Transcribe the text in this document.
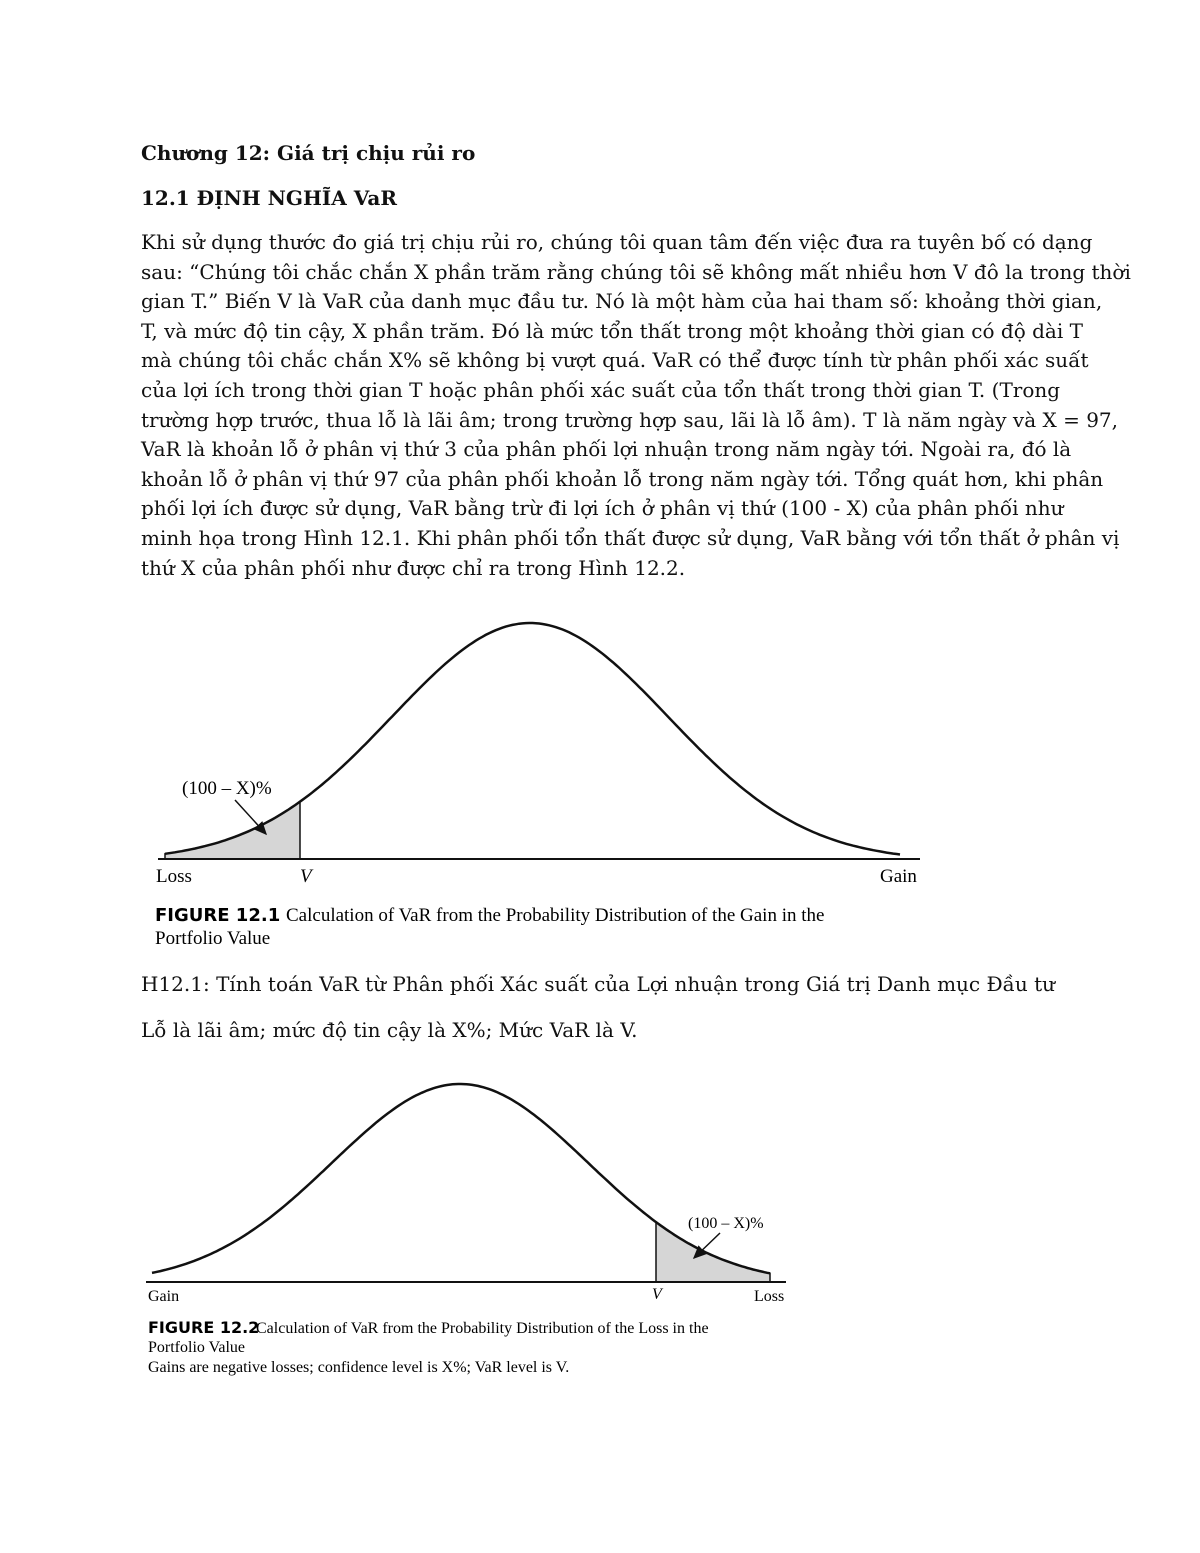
Chương 12: Giá trị chịu rủi ro
12.1 ĐỊNH NGHĨA VaR
Khi sử dụng thước đo giá trị chịu rủi ro, chúng tôi quan tâm đến việc đưa ra tuyên bố có dạng
sau: “Chúng tôi chắc chắn X phần trăm rằng chúng tôi sẽ không mất nhiều hơn V đô la trong thời
gian T.” Biến V là VaR của danh mục đầu tư. Nó là một hàm của hai tham số: khoảng thời gian,
T, và mức độ tin cậy, X phần trăm. Đó là mức tổn thất trong một khoảng thời gian có độ dài T
mà chúng tôi chắc chắn X% sẽ không bị vượt quá. VaR có thể được tính từ phân phối xác suất
của lợi ích trong thời gian T hoặc phân phối xác suất của tổn thất trong thời gian T. (Trong
trường hợp trước, thua lỗ là lãi âm; trong trường hợp sau, lãi là lỗ âm). T là năm ngày và X = 97,
VaR là khoản lỗ ở phân vị thứ 3 của phân phối lợi nhuận trong năm ngày tới. Ngoài ra, đó là
khoản lỗ ở phân vị thứ 97 của phân phối khoản lỗ trong năm ngày tới. Tổng quát hơn, khi phân
phối lợi ích được sử dụng, VaR bằng trừ đi lợi ích ở phân vị thứ (100 - X) của phân phối như
minh họa trong Hình 12.1. Khi phân phối tổn thất được sử dụng, VaR bằng với tổn thất ở phân vị
thứ X của phân phối như được chỉ ra trong Hình 12.2.
(100 – X)%
Loss	V	Gain
FIGURE 12.1 Calculation of VaR from the Probability Distribution of the Gain in the
Portfolio Value
H12.1: Tính toán VaR từ Phân phối Xác suất của Lợi nhuận trong Giá trị Danh mục Đầu tư
Lỗ là lãi âm; mức độ tin cậy là X%; Mức VaR là V.
(100 – X)%
Gain	V	Loss
FIGURE 12.2
Calculation of VaR from the Probability Distribution of the Loss in the
Portfolio Value
Gains are negative losses; confidence level is X%; VaR level is V.
